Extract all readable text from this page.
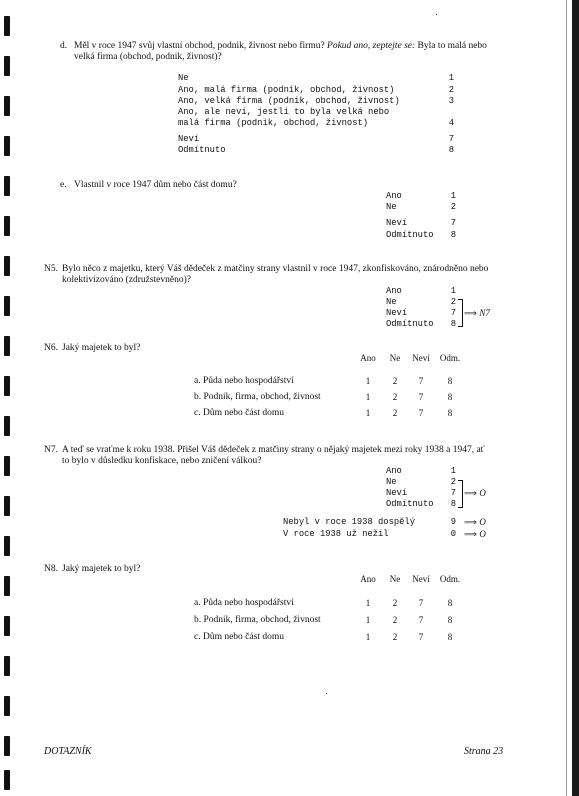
d. Měl v roce 1947 svůj vlastní obchod, podnik, živnost nebo firmu? Pokud ano, zeptejte se: Byla to malá nebo
velká firma (obchod, podnik, živnost)?
Ne	1
Ano, malá firma (podnik, obchod, živnost)	2
Ano, velká firma (podnik, obchod, živnost)	3
Ano, ale neví, jestli to byla velká nebo
malá firma (podnik, obchod, živnost)	4
Neví	7
Odmítnuto	8
e. Vlastnil v roce 1947 dům nebo část domu?
Ano	1
Ne	2
Neví	7
Odmítnuto	8
N5. Bylo něco z majetku, který Váš dědeček z matčiny strany vlastnil v roce 1947, zkonfiskováno, znárodněno nebo
kolektivizováno (združstevněno)?
Ano	1
Ne	2
Neví	7
Odmítnuto	8
⟹ N7
N6. Jaký majetek to byl?
Ano	Ne	Neví	Odm.
a. Půda nebo hospodářství	1	2	7	8
b. Podnik, firma, obchod, živnost	1	2	7	8
c. Dům nebo část domu	1	2	7	8
N7. A teď se vraťme k roku 1938. Přišel Váš dědeček z matčiny strany o nějaký majetek mezi roky 1938 a 1947, ať
to bylo v důsledku konfiskace, nebo zničení válkou?
Ano	1
Ne	2
Neví	7
Odmítnuto	8
⟹ O
Nebyl v roce 1938 dospělý	9 ⟹ O
V roce 1938 už nežil	0 ⟹ O
N8. Jaký majetek to byl?
Ano	Ne	Neví	Odm.
a. Půda nebo hospodářství	1	2	7	8
b. Podnik, firma, obchod, živnost	1	2	7	8
c. Dům nebo část domu	1	2	7	8
DOTAZNÍK	Strana 23
